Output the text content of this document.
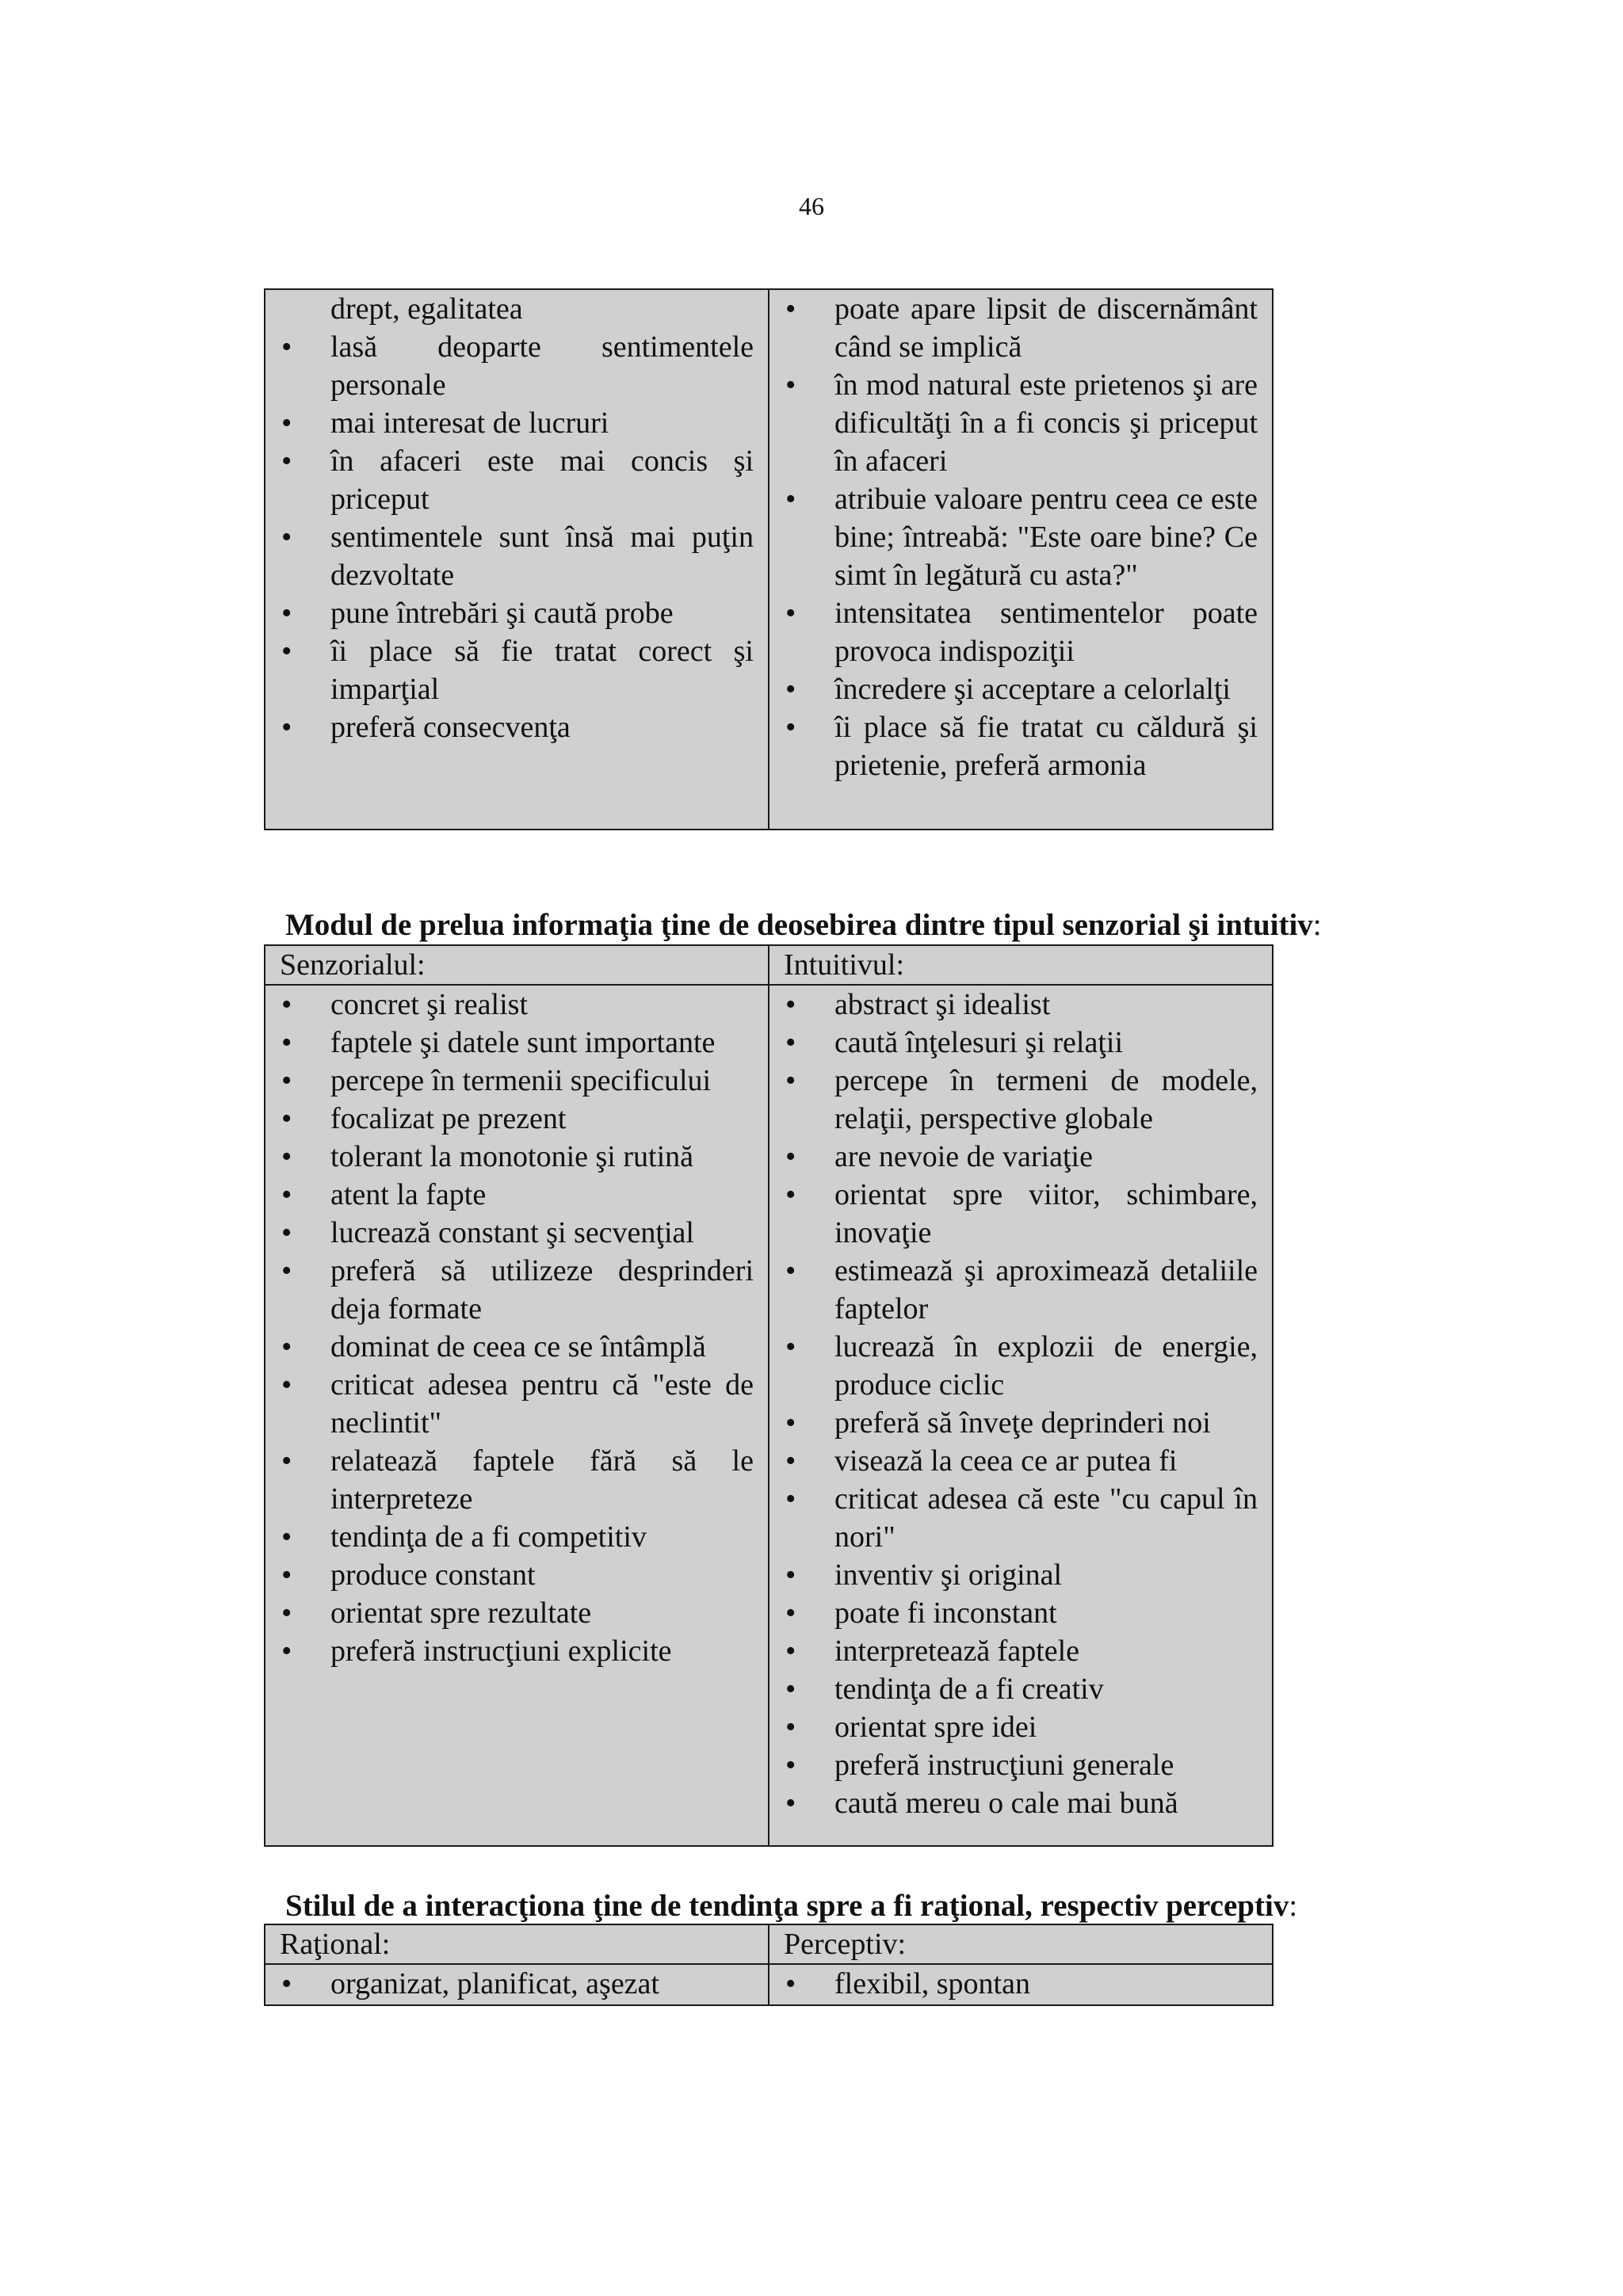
46
drept, egalitatea
• lasă deoparte sentimentele personale
• mai interesat de lucruri
• în afaceri este mai concis şi priceput
• sentimentele sunt însă mai puţin dezvoltate
• pune întrebări şi caută probe
• îi place să fie tratat corect şi imparţial
• preferă consecvenţa
• poate apare lipsit de discernământ când se implică
• în mod natural este prietenos şi are dificultăţi în a fi concis şi priceput în afaceri
• atribuie valoare pentru ceea ce este bine; întreabă: "Este oare bine? Ce simt în legătură cu asta?"
• intensitatea sentimentelor poate provoca indispoziţii
• încredere şi acceptare a celorlalţi
• îi place să fie tratat cu căldură şi prietenie, preferă armonia
Modul de prelua informaţia ţine de deosebirea dintre tipul senzorial şi intuitiv:
Senzorialul:	Intuitivul:
• concret şi realist
• faptele şi datele sunt importante
• percepe în termenii specificului
• focalizat pe prezent
• tolerant la monotonie şi rutină
• atent la fapte
• lucrează constant şi secvenţial
• preferă să utilizeze desprinderi deja formate
• dominat de ceea ce se întâmplă
• criticat adesea pentru că "este de neclintit"
• relatează faptele fără să le interpreteze
• tendinţa de a fi competitiv
• produce constant
• orientat spre rezultate
• preferă instrucţiuni explicite
• abstract şi idealist
• caută înţelesuri şi relaţii
• percepe în termeni de modele, relaţii, perspective globale
• are nevoie de variaţie
• orientat spre viitor, schimbare, inovaţie
• estimează şi aproximează detaliile faptelor
• lucrează în explozii de energie, produce ciclic
• preferă să înveţe deprinderi noi
• visează la ceea ce ar putea fi
• criticat adesea că este "cu capul în nori"
• inventiv şi original
• poate fi inconstant
• interpretează faptele
• tendinţa de a fi creativ
• orientat spre idei
• preferă instrucţiuni generale
• caută mereu o cale mai bună
Stilul de a interacţiona ţine de tendinţa spre a fi raţional, respectiv perceptiv:
Raţional:	Perceptiv:
• organizat, planificat, aşezat
•	flexibil, spontan
